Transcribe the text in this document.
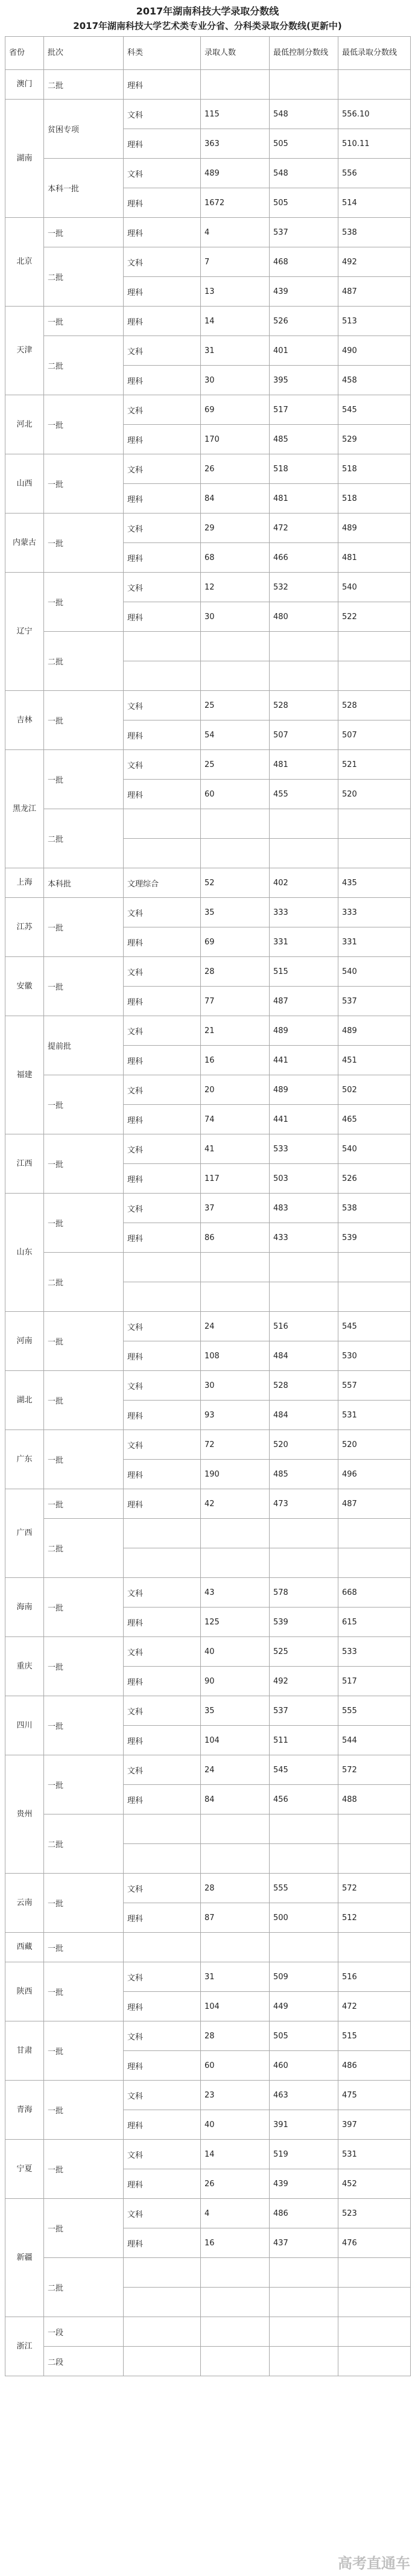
2017年湖南科技大学录取分数线
2017年湖南科技大学艺术类专业分省、分科类录取分数线(更新中)
省份	批次	科类	录取人数	最低控制分数线	最低录取分数线
澳门	二批	理科			
湖南	贫困专项	文科	115	548	556.10
		理科	363	505	510.11
	本科一批	文科	489	548	556
		理科	1672	505	514
北京	一批	理科	4	537	538
	二批	文科	7	468	492
		理科	13	439	487
天津	一批	理科	14	526	513
	二批	文科	31	401	490
		理科	30	395	458
河北	一批	文科	69	517	545
		理科	170	485	529
山西	一批	文科	26	518	518
		理科	84	481	518
内蒙古	一批	文科	29	472	489
		理科	68	466	481
辽宁	一批	文科	12	532	540
		理科	30	480	522
	二批				

吉林	一批	文科	25	528	528
		理科	54	507	507
黑龙江	一批	文科	25	481	521
		理科	60	455	520
	二批				

上海	本科批	文理综合	52	402	435
江苏	一批	文科	35	333	333
		理科	69	331	331
安徽	一批	文科	28	515	540
		理科	77	487	537
福建	提前批	文科	21	489	489
		理科	16	441	451
	一批	文科	20	489	502
		理科	74	441	465
江西	一批	文科	41	533	540
		理科	117	503	526
山东	一批	文科	37	483	538
		理科	86	433	539
	二批				

河南	一批	文科	24	516	545
		理科	108	484	530
湖北	一批	文科	30	528	557
		理科	93	484	531
广东	一批	文科	72	520	520
		理科	190	485	496
广西	一批	理科	42	473	487
	二批				

海南	一批	文科	43	578	668
		理科	125	539	615
重庆	一批	文科	40	525	533
		理科	90	492	517
四川	一批	文科	35	537	555
		理科	104	511	544
贵州	一批	文科	24	545	572
		理科	84	456	488
	二批				

云南	一批	文科	28	555	572
		理科	87	500	512
西藏	一批				
陕西	一批	文科	31	509	516
		理科	104	449	472
甘肃	一批	文科	28	505	515
		理科	60	460	486
青海	一批	文科	23	463	475
		理科	40	391	397
宁夏	一批	文科	14	519	531
		理科	26	439	452
新疆	一批	文科	4	486	523
		理科	16	437	476
	二批				

浙江	一段				
	二段				
高考直通车
